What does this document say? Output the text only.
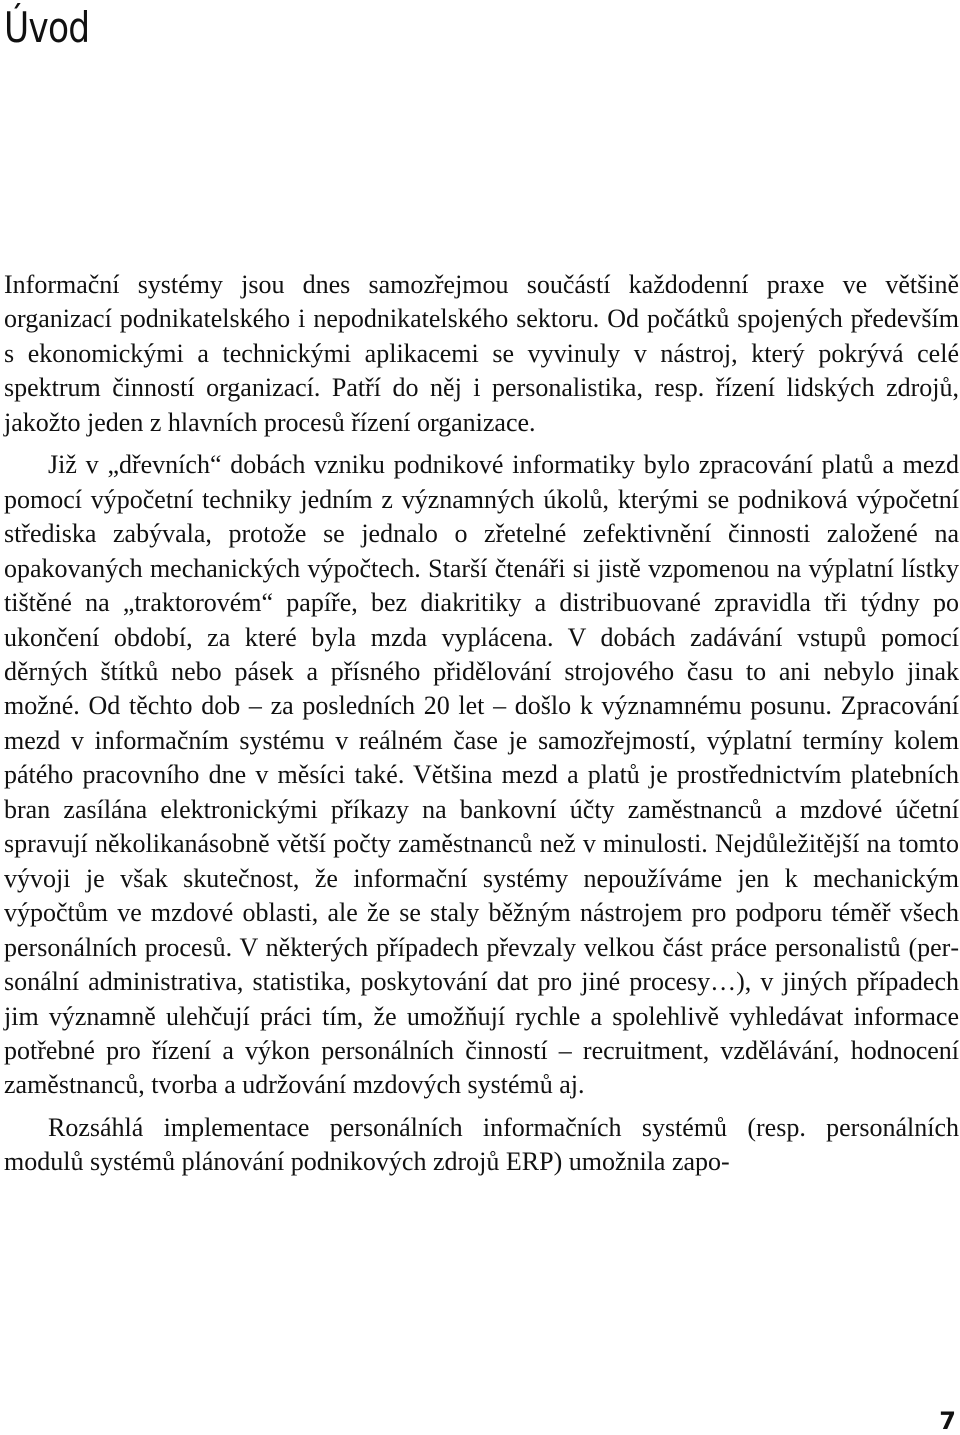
Úvod

Informační systémy jsou dnes samozřejmou součástí každodenní praxe ve většině organizací podnikatelského i nepodnikatelského sektoru. Od počátků spojených především s ekonomickými a technickými aplikacemi se vyvinuly v nástroj, který pokrývá celé spektrum činností organizací. Patří do něj i personalistika, resp. řízení lidských zdrojů, jakožto jeden z hlavních procesů řízení organizace.

Již v „dřevních“ dobách vzniku podnikové informatiky bylo zpracování platů a mezd pomocí výpočetní techniky jedním z významných úkolů, kterými se podniková výpočetní střediska zabývala, protože se jednalo o zřetelné zefektivnění činnosti založené na opakovaných mechanických výpočtech. Starší čtenáři si jistě vzpomenou na výplatní lístky tištěné na „traktorovém“ papíře, bez diakritiky a distribuované zpravidla tři týdny po ukončení období, za které byla mzda vyplácena. V dobách zadávání vstupů pomocí děrných štítků nebo pásek a přísného přidělování strojového času to ani nebylo jinak možné. Od těchto dob – za posledních 20 let – došlo k významnému posunu. Zpracování mezd v informačním systému v reálném čase je samozřejmostí, výplatní termíny kolem pátého pracovního dne v měsíci také. Většina mezd a platů je prostřednictvím platebních bran zasílána elektronickými příkazy na bankovní účty zaměstnanců a mzdové účetní spravují několikanásobně větší počty zaměstnanců než v minulosti. Nejdůležitější na tomto vývoji je však skutečnost, že informační systémy nepoužíváme jen k mechanickým výpočtům ve mzdové oblasti, ale že se staly běžným nástrojem pro podporu téměř všech personálních procesů. V některých případech převzaly velkou část práce personalistů (personální administrativa, statistika, poskytování dat pro jiné procesy…), v jiných případech jim významně ulehčují práci tím, že umožňují rychle a spolehlivě vyhledávat informace potřebné pro řízení a výkon personálních činností – recruitment, vzdělávání, hodnocení zaměstnanců, tvorba a udržování mzdových systémů aj.

Rozsáhlá implementace personálních informačních systémů (resp. personálních modulů systémů plánování podnikových zdrojů ERP) umožnila zapo-

7
